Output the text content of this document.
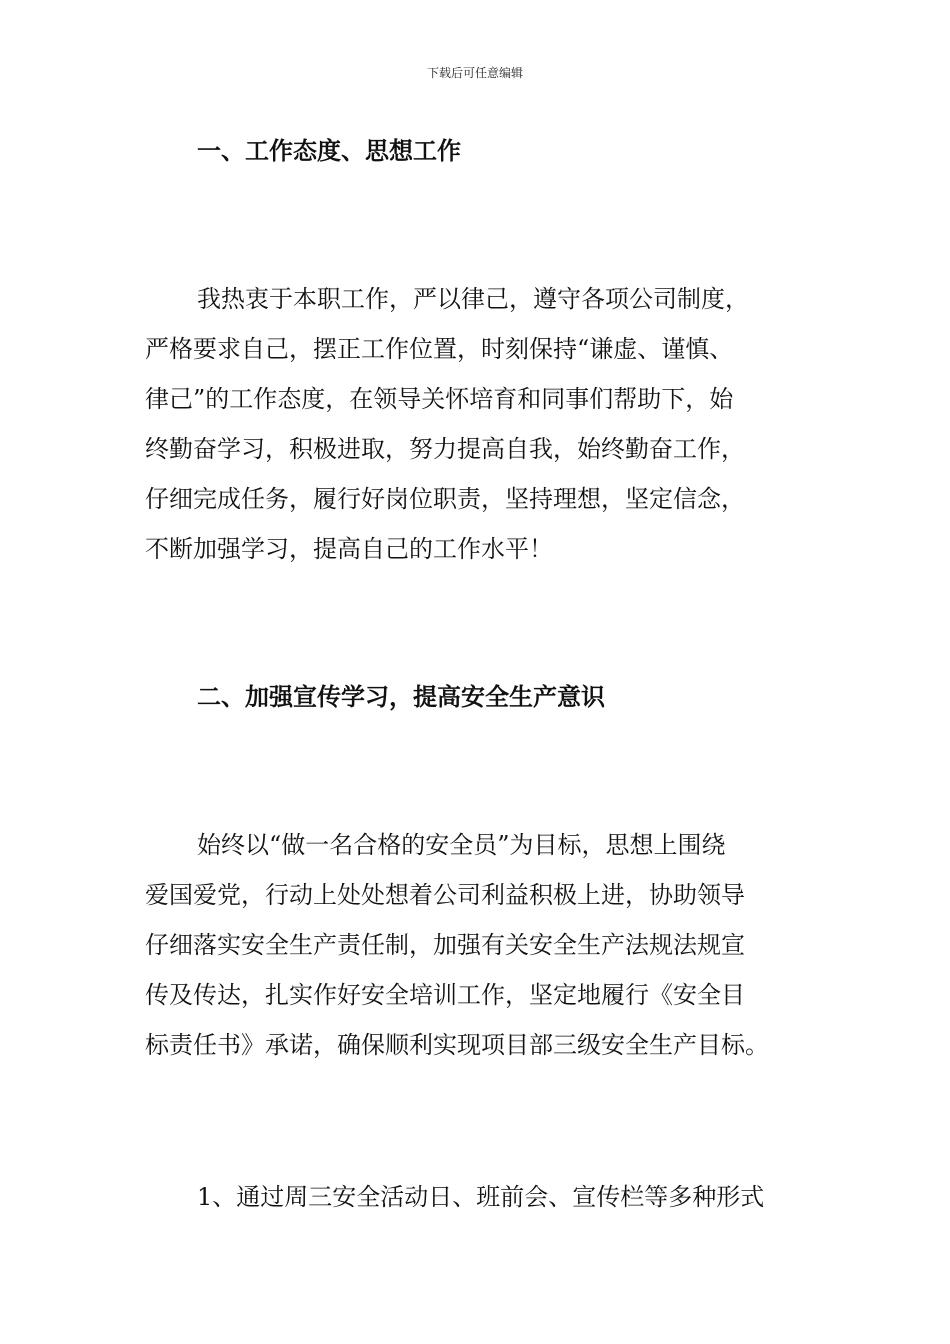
下载后可任意编辑
一、工作态度、思想工作
我热衷于本职工作，严以律己，遵守各项公司制度，
严格要求自己，摆正工作位置，时刻保持“谦虚、谨慎、
律己”的工作态度，在领导关怀培育和同事们帮助下，始
终勤奋学习，积极进取，努力提高自我，始终勤奋工作，
仔细完成任务，履行好岗位职责，坚持理想，坚定信念，
不断加强学习，提高自己的工作水平！
二、加强宣传学习，提高安全生产意识
始终以“做一名合格的安全员”为目标，思想上围绕
爱国爱党，行动上处处想着公司利益积极上进，协助领导
仔细落实安全生产责任制，加强有关安全生产法规法规宣
传及传达，扎实作好安全培训工作，坚定地履行《安全目
标责任书》承诺，确保顺利实现项目部三级安全生产目标。
1、通过周三安全活动日、班前会、宣传栏等多种形式
